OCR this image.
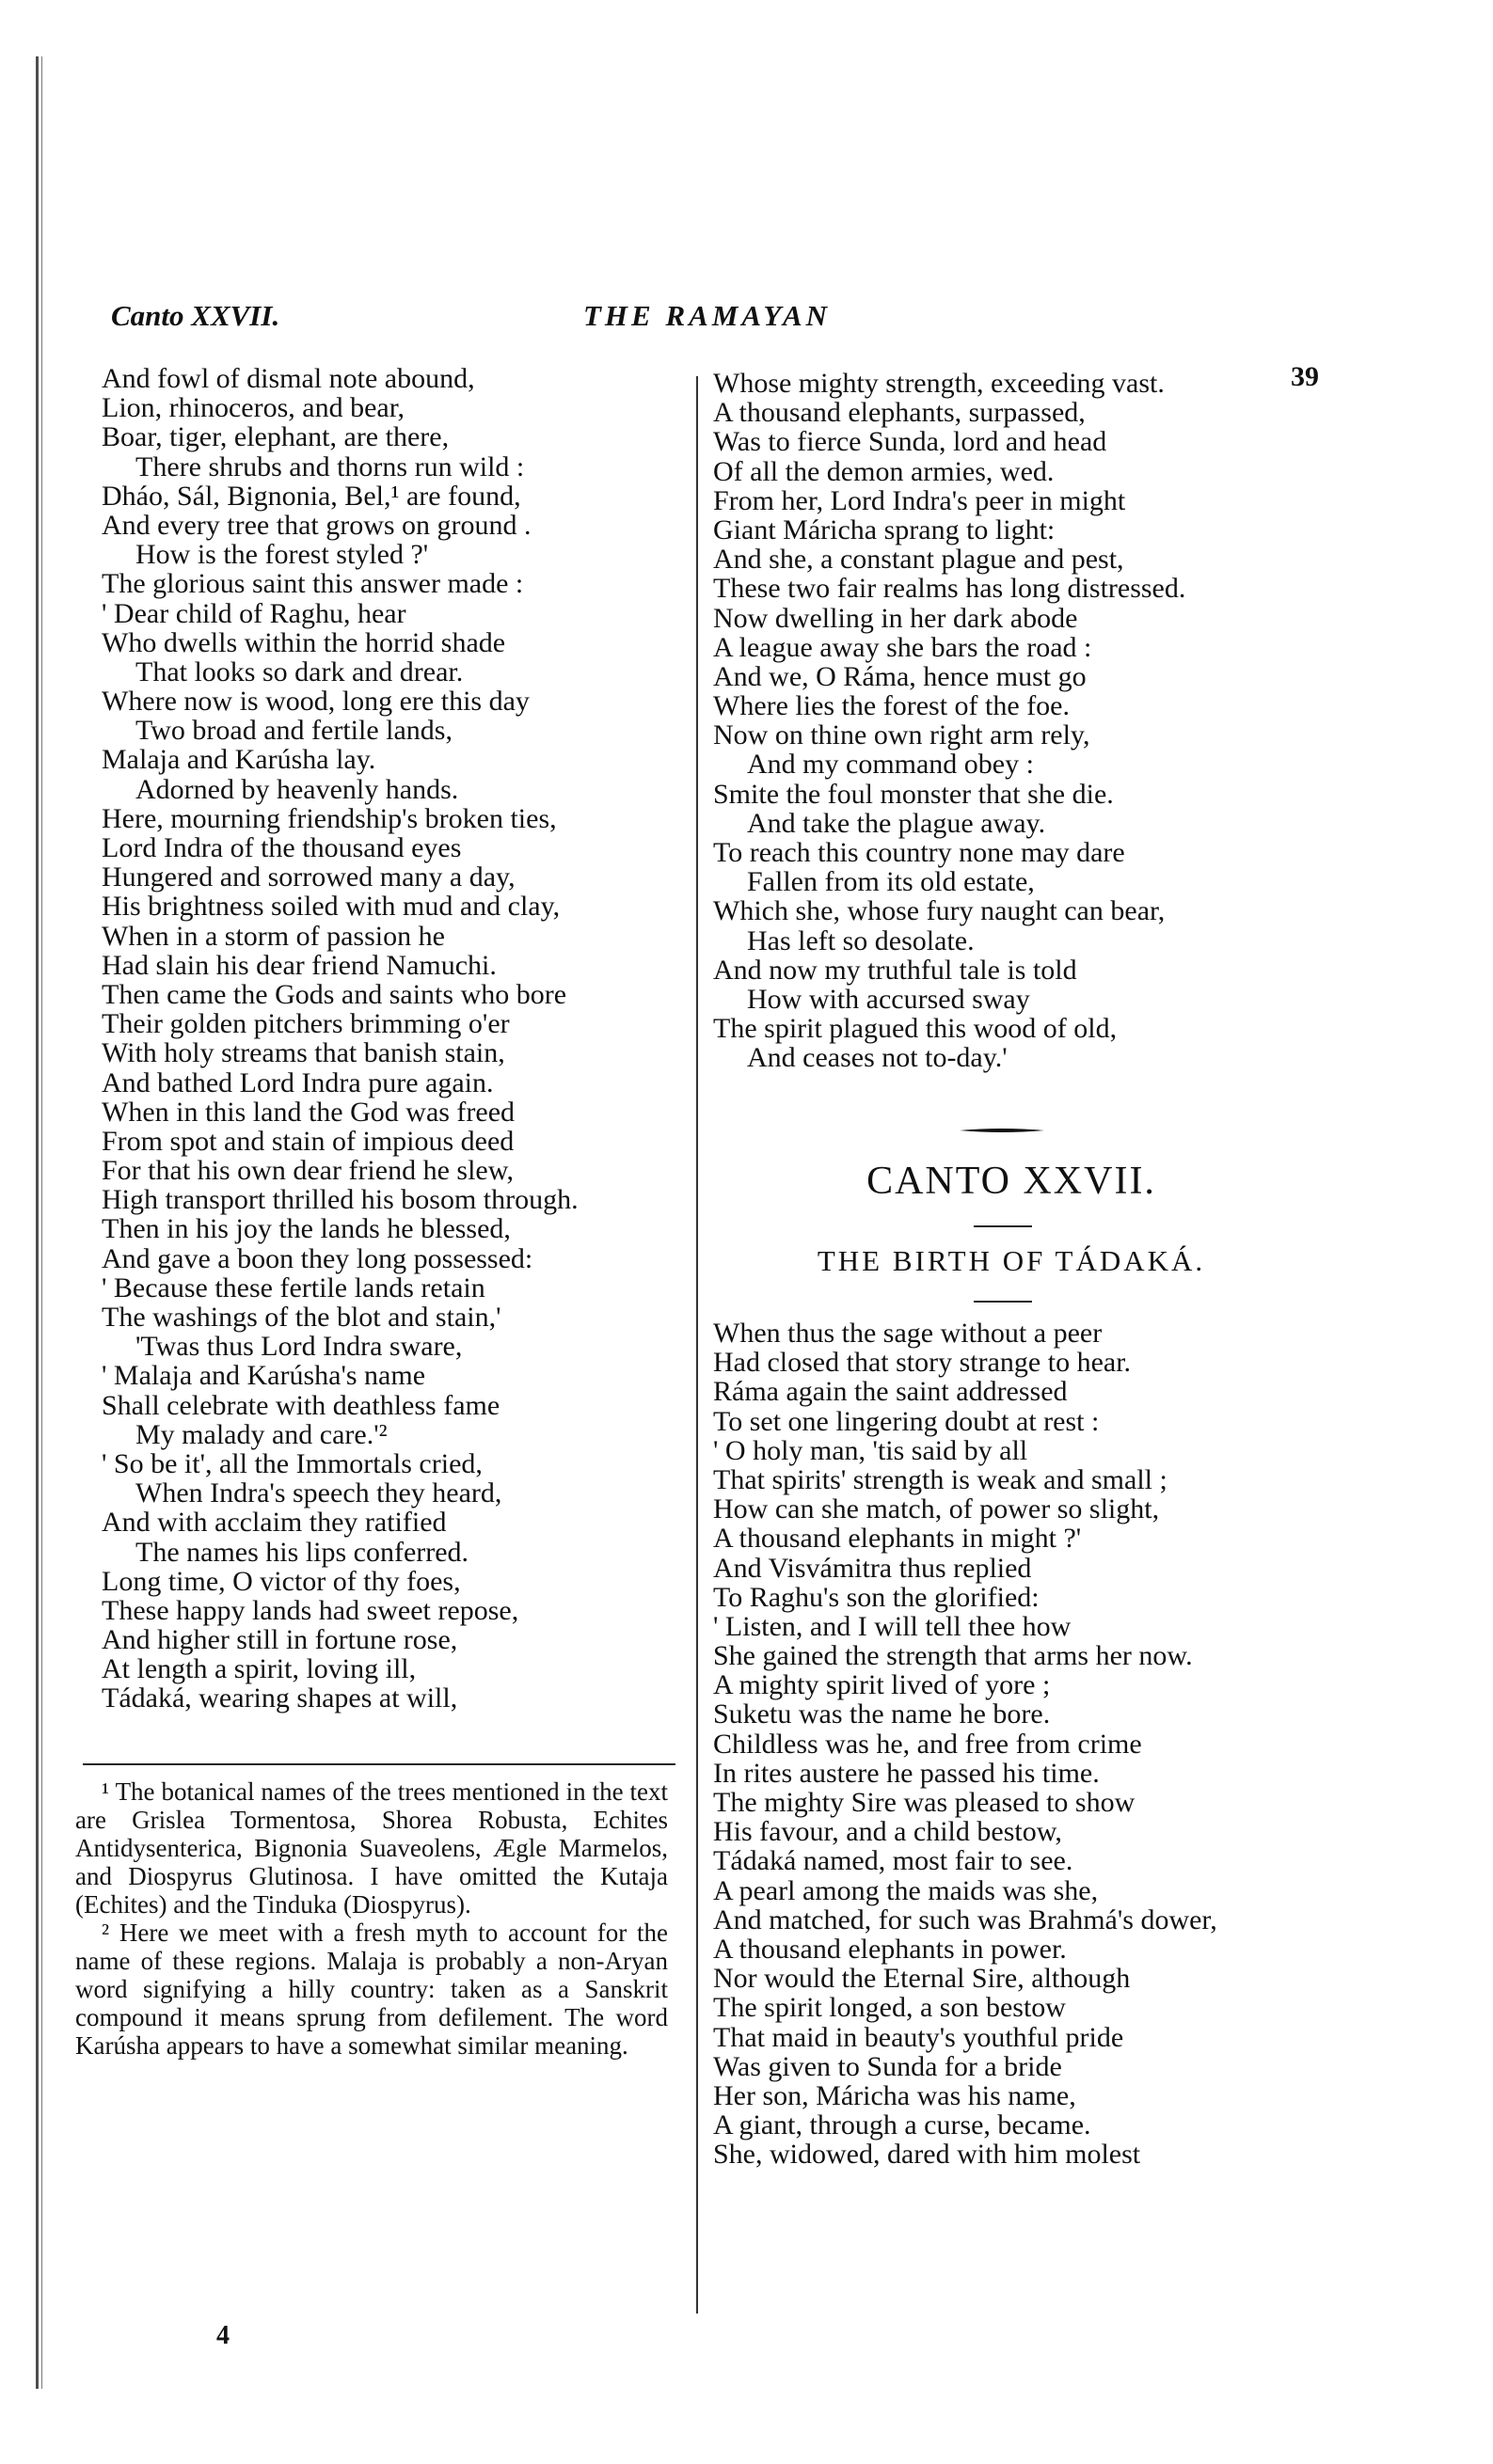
Canto XXVII.	THE RAMAYAN
39
And fowl of dismal note abound,
Lion, rhinoceros, and bear,
Boar, tiger, elephant, are there,
There shrubs and thorns run wild :
Dháo, Sál, Bignonia, Bel,¹ are found,
And every tree that grows on ground .
How is the forest styled ?'
The glorious saint this answer made :
' Dear child of Raghu, hear
Who dwells within the horrid shade
That looks so dark and drear.
Where now is wood, long ere this day
Two broad and fertile lands,
Malaja and Karúsha lay.
Adorned by heavenly hands.
Here, mourning friendship's broken ties,
Lord Indra of the thousand eyes
Hungered and sorrowed many a day,
His brightness soiled with mud and clay,
When in a storm of passion he
Had slain his dear friend Namuchi.
Then came the Gods and saints who bore
Their golden pitchers brimming o'er
With holy streams that banish stain,
And bathed Lord Indra pure again.
When in this land the God was freed
From spot and stain of impious deed
For that his own dear friend he slew,
High transport thrilled his bosom through.
Then in his joy the lands he blessed,
And gave a boon they long possessed:
' Because these fertile lands retain
The washings of the blot and stain,'
'Twas thus Lord Indra sware,
' Malaja and Karúsha's name
Shall celebrate with deathless fame
My malady and care.'²
' So be it', all the Immortals cried,
When Indra's speech they heard,
And with acclaim they ratified
The names his lips conferred.
Long time, O victor of thy foes,
These happy lands had sweet repose,
And higher still in fortune rose,
At length a spirit, loving ill,
Tádaká, wearing shapes at will,

¹ The botanical names of the trees mentioned in the text are Grislea Tormentosa, Shorea Robusta, Echites Antidysenterica, Bignonia Suaveolens, Ægle Marmelos, and Diospyrus Glutinosa. I have omitted the Kutaja (Echites) and the Tinduka (Diospyrus).

² Here we meet with a fresh myth to account for the name of these regions. Malaja is probably a non-Aryan word signifying a hilly country: taken as a Sanskrit compound it means sprung from defilement. The word Karúsha appears to have a somewhat similar meaning.

4
Whose mighty strength, exceeding vast.
A thousand elephants, surpassed,
Was to fierce Sunda, lord and head
Of all the demon armies, wed.
From her, Lord Indra's peer in might
Giant Máricha sprang to light:
And she, a constant plague and pest,
These two fair realms has long distressed.
Now dwelling in her dark abode
A league away she bars the road :
And we, O Ráma, hence must go
Where lies the forest of the foe.
Now on thine own right arm rely,
And my command obey :
Smite the foul monster that she die.
And take the plague away.
To reach this country none may dare
Fallen from its old estate,
Which she, whose fury naught can bear,
Has left so desolate.
And now my truthful tale is told
How with accursed sway
The spirit plagued this wood of old,
And ceases not to-day.'
CANTO XXVII.
THE BIRTH OF TÁDAKÁ.
When thus the sage without a peer
Had closed that story strange to hear.
Ráma again the saint addressed
To set one lingering doubt at rest :
' O holy man, 'tis said by all
That spirits' strength is weak and small ;
How can she match, of power so slight,
A thousand elephants in might ?'
And Visvámitra thus replied
To Raghu's son the glorified:
' Listen, and I will tell thee how
She gained the strength that arms her now.
A mighty spirit lived of yore ;
Suketu was the name he bore.
Childless was he, and free from crime
In rites austere he passed his time.
The mighty Sire was pleased to show
His favour, and a child bestow,
Tádaká named, most fair to see.
A pearl among the maids was she,
And matched, for such was Brahmá's dower,
A thousand elephants in power.
Nor would the Eternal Sire, although
The spirit longed, a son bestow
That maid in beauty's youthful pride
Was given to Sunda for a bride
Her son, Máricha was his name,
A giant, through a curse, became.
She, widowed, dared with him molest
